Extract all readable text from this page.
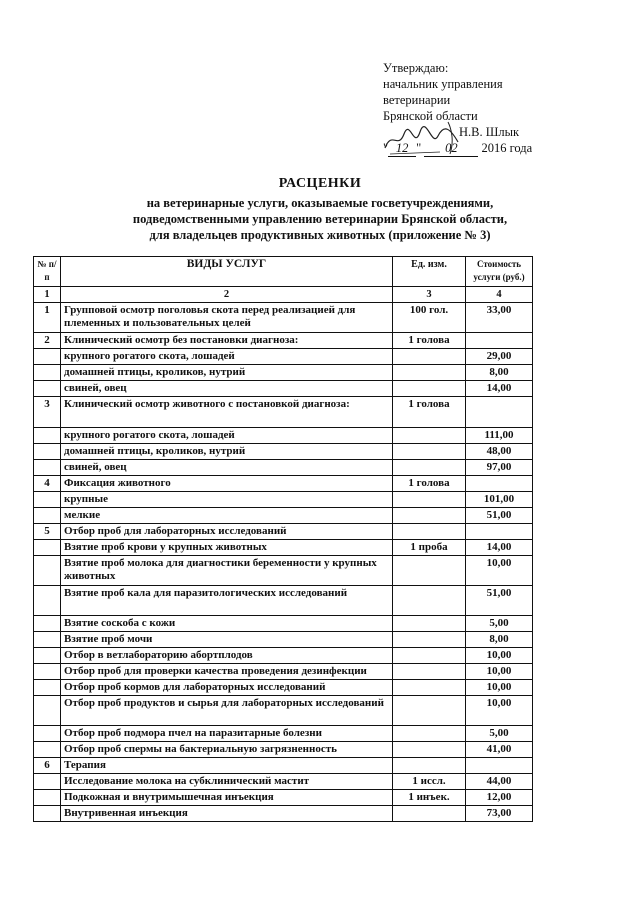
Утверждаю:
начальник управления
ветеринарии
Брянской области
Н.В. Шлык
" 12 " 02 2016 года
РАСЦЕНКИ
на ветеринарные услуги, оказываемые госветучреждениями,
подведомственными управлению ветеринарии Брянской области,
для владельцев продуктивных животных (приложение № 3)
№ п/п	ВИДЫ УСЛУГ	Ед. изм.	Стоимость услуги (руб.)
1	2	3	4
1	Групповой осмотр поголовья скота перед реализацией для племенных и пользовательных целей	100 гол.	33,00
2	Клинический осмотр без постановки диагноза:	1 голова	
	крупного рогатого скота, лошадей		29,00
	домашней птицы, кроликов, нутрий		8,00
	свиней, овец		14,00
3	Клинический осмотр животного с постановкой диагноза:	1 голова	
	крупного рогатого скота, лошадей		111,00
	домашней птицы, кроликов, нутрий		48,00
	свиней, овец		97,00
4	Фиксация животного	1 голова	
	крупные		101,00
	мелкие		51,00
5	Отбор проб для лабораторных исследований		
	Взятие проб крови у крупных животных	1 проба	14,00
	Взятие проб молока для диагностики беременности у крупных животных		10,00
	Взятие проб кала для паразитологических исследований		51,00
	Взятие соскоба с кожи		5,00
	Взятие проб мочи		8,00
	Отбор в ветлабораторию абортплодов		10,00
	Отбор проб для проверки качества проведения дезинфекции		10,00
	Отбор проб кормов для лабораторных исследований		10,00
	Отбор проб продуктов и сырья для лабораторных исследований		10,00
	Отбор проб подмора пчел на паразитарные болезни		5,00
	Отбор проб спермы на бактериальную загрязненность		41,00
6	Терапия		
	Исследование молока на субклинический мастит	1 иссл.	44,00
	Подкожная и внутримышечная инъекция	1 инъек.	12,00
	Внутривенная инъекция		73,00
